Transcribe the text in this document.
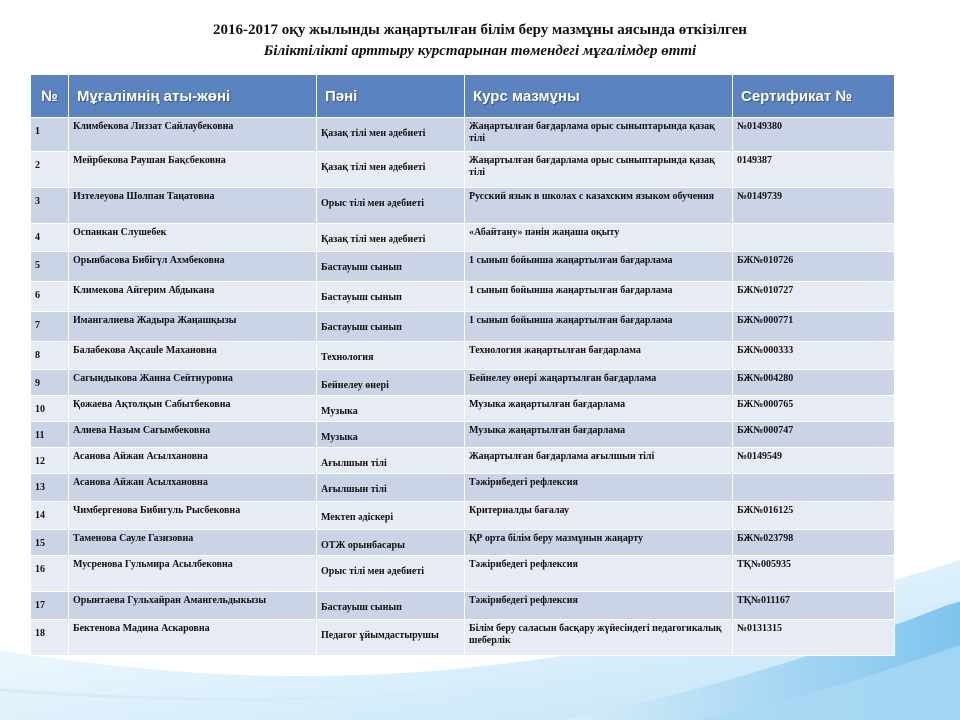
2016-2017 оқу жылынды жаңартылған білім беру мазмұны аясында өткізілген
Біліктілікті арттыру курстарынан төмендегі мұғалімдер өтті
№	Мұғалімнің аты-жөні	Пәні	Курс мазмұны	Сертификат №
1	Климбекова Лиззат Сайлаубековна	Қазақ тілі мен әдебиеті	Жаңартылған бағдарлама орыс сыныптарында қазақ тілі	№0149380
2	Мейрбекова Раушан Бақсбековна	Қазақ тілі мен әдебиеті	Жаңартылған бағдарлама орыс сыныптарында қазақ тілі	0149387
3	Изтелеуова Шолпан Таңатовна	Орыс тілі мен әдебиеті	Русский язык в школах с казахским языком обучения	№0149739
4	Оспанкан Слушебек	Қазақ тілі мен әдебиеті	«Абайтану» пәнін жаңаша оқыту	
5	Орынбасова Бибігүл Ахмбековна	Бастауыш сынып	1 сынып бойынша жаңартылған бағдарлама	БЖ№010726
6	Климекова Айгерим Абдыкана	Бастауыш сынып	1 сынып бойынша жаңартылған бағдарлама	БЖ№010727
7	Имангалиева Жадыра Жаңашқызы	Бастауыш сынып	1 сынып бойынша жаңартылған бағдарлама	БЖ№000771
8	Балабекова Ақсаule Махановна	Технология	Технология жаңартылған бағдарлама	БЖ№000333
9	Сагындыкова Жанна Сейтнуровна	Бейнелеу өнері	Бейнелеу өнері жаңартылған бағдарлама	БЖ№004280
10	Қожаева Ақтолқын Сабытбековна	Музыка	Музыка жаңартылған бағдарлама	БЖ№000765
11	Алиева Назым Сагымбековна	Музыка	Музыка жаңартылған бағдарлама	БЖ№000747
12	Асанова Айжан Асылхановна	Ағылшын тілі	Жаңартылған бағдарлама ағылшын тілі	№0149549
13	Асанова Айжан Асылхановна	Ағылшын тілі	Тәжірибедегі рефлексия	
14	Чимбергенова Бибигуль Рысбековна	Мектеп әдіскері	Критериалды бағалау	БЖ№016125
15	Таменова Сауле Газизовна	ОТЖ орынбасары	ҚР орта білім беру мазмұнын жаңарту	БЖ№023798
16	Мусренова Гульмира Асылбековна	Орыс тілі мен әдебиеті	Тәжірибедегі рефлексия	ТҚ№005935
17	Орынтаева Гульхайран Амангельдыкызы	Бастауыш сынып	Тәжірибедегі рефлексия	ТҚ№011167
18	Бектенова Мадина Аскаровна	Педагог ұйымдастырушы	Білім беру саласын басқару жүйесіндегі педагогикалық шеберлік	№0131315
